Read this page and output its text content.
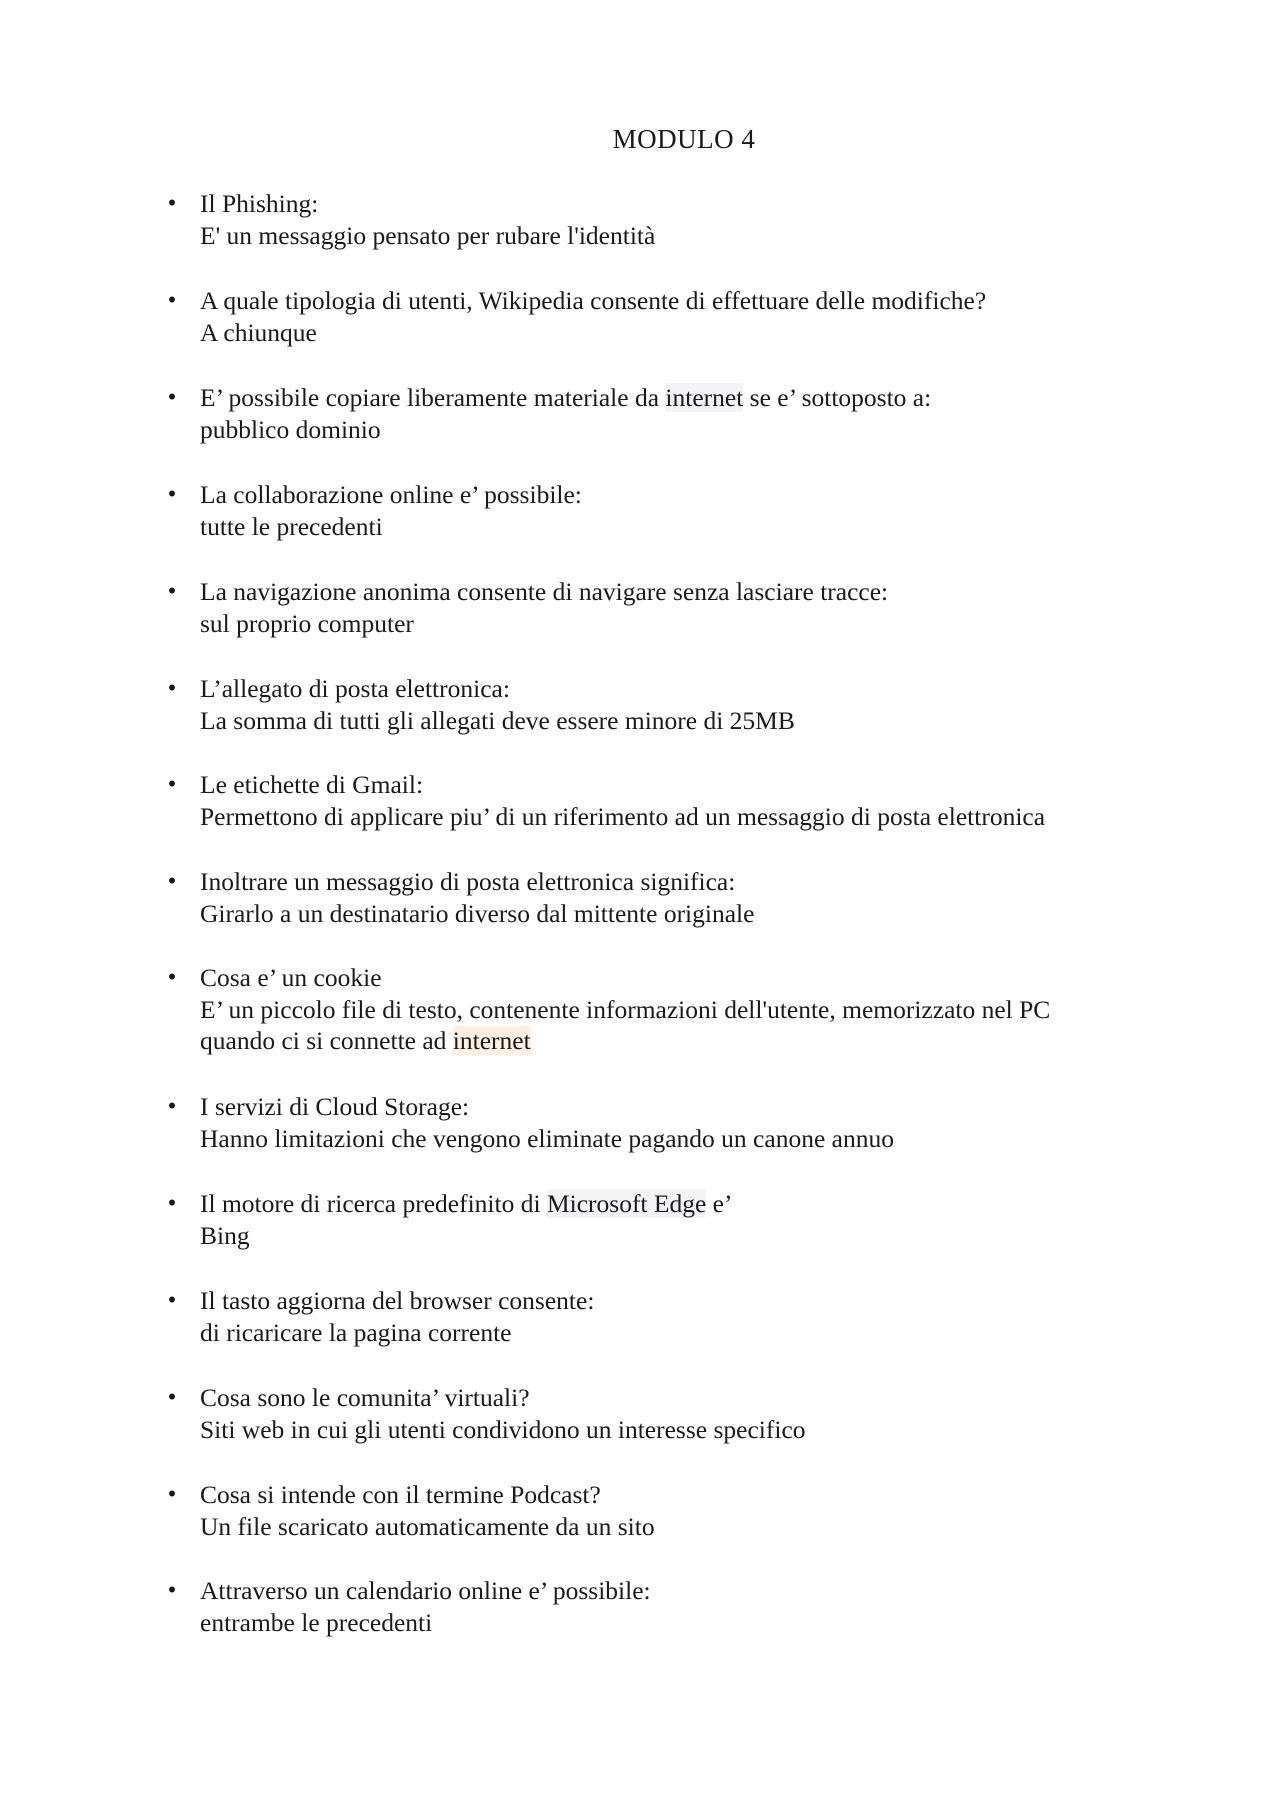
MODULO 4
• Il Phishing:
E' un messaggio pensato per rubare l'identità
• A quale tipologia di utenti, Wikipedia consente di effettuare delle modifiche?
A chiunque
• E’ possibile copiare liberamente materiale da internet se e’ sottoposto a:
pubblico dominio
• La collaborazione online e’ possibile:
tutte le precedenti
• La navigazione anonima consente di navigare senza lasciare tracce:
sul proprio computer
• L’allegato di posta elettronica:
La somma di tutti gli allegati deve essere minore di 25MB
• Le etichette di Gmail:
Permettono di applicare piu’ di un riferimento ad un messaggio di posta elettronica
• Inoltrare un messaggio di posta elettronica significa:
Girarlo a un destinatario diverso dal mittente originale
• Cosa e’ un cookie
E’ un piccolo file di testo, contenente informazioni dell'utente, memorizzato nel PC
quando ci si connette ad internet
• I servizi di Cloud Storage:
Hanno limitazioni che vengono eliminate pagando un canone annuo
• Il motore di ricerca predefinito di Microsoft Edge e’
Bing
• Il tasto aggiorna del browser consente:
di ricaricare la pagina corrente
• Cosa sono le comunita’ virtuali?
Siti web in cui gli utenti condividono un interesse specifico
• Cosa si intende con il termine Podcast?
Un file scaricato automaticamente da un sito
• Attraverso un calendario online e’ possibile:
entrambe le precedenti
